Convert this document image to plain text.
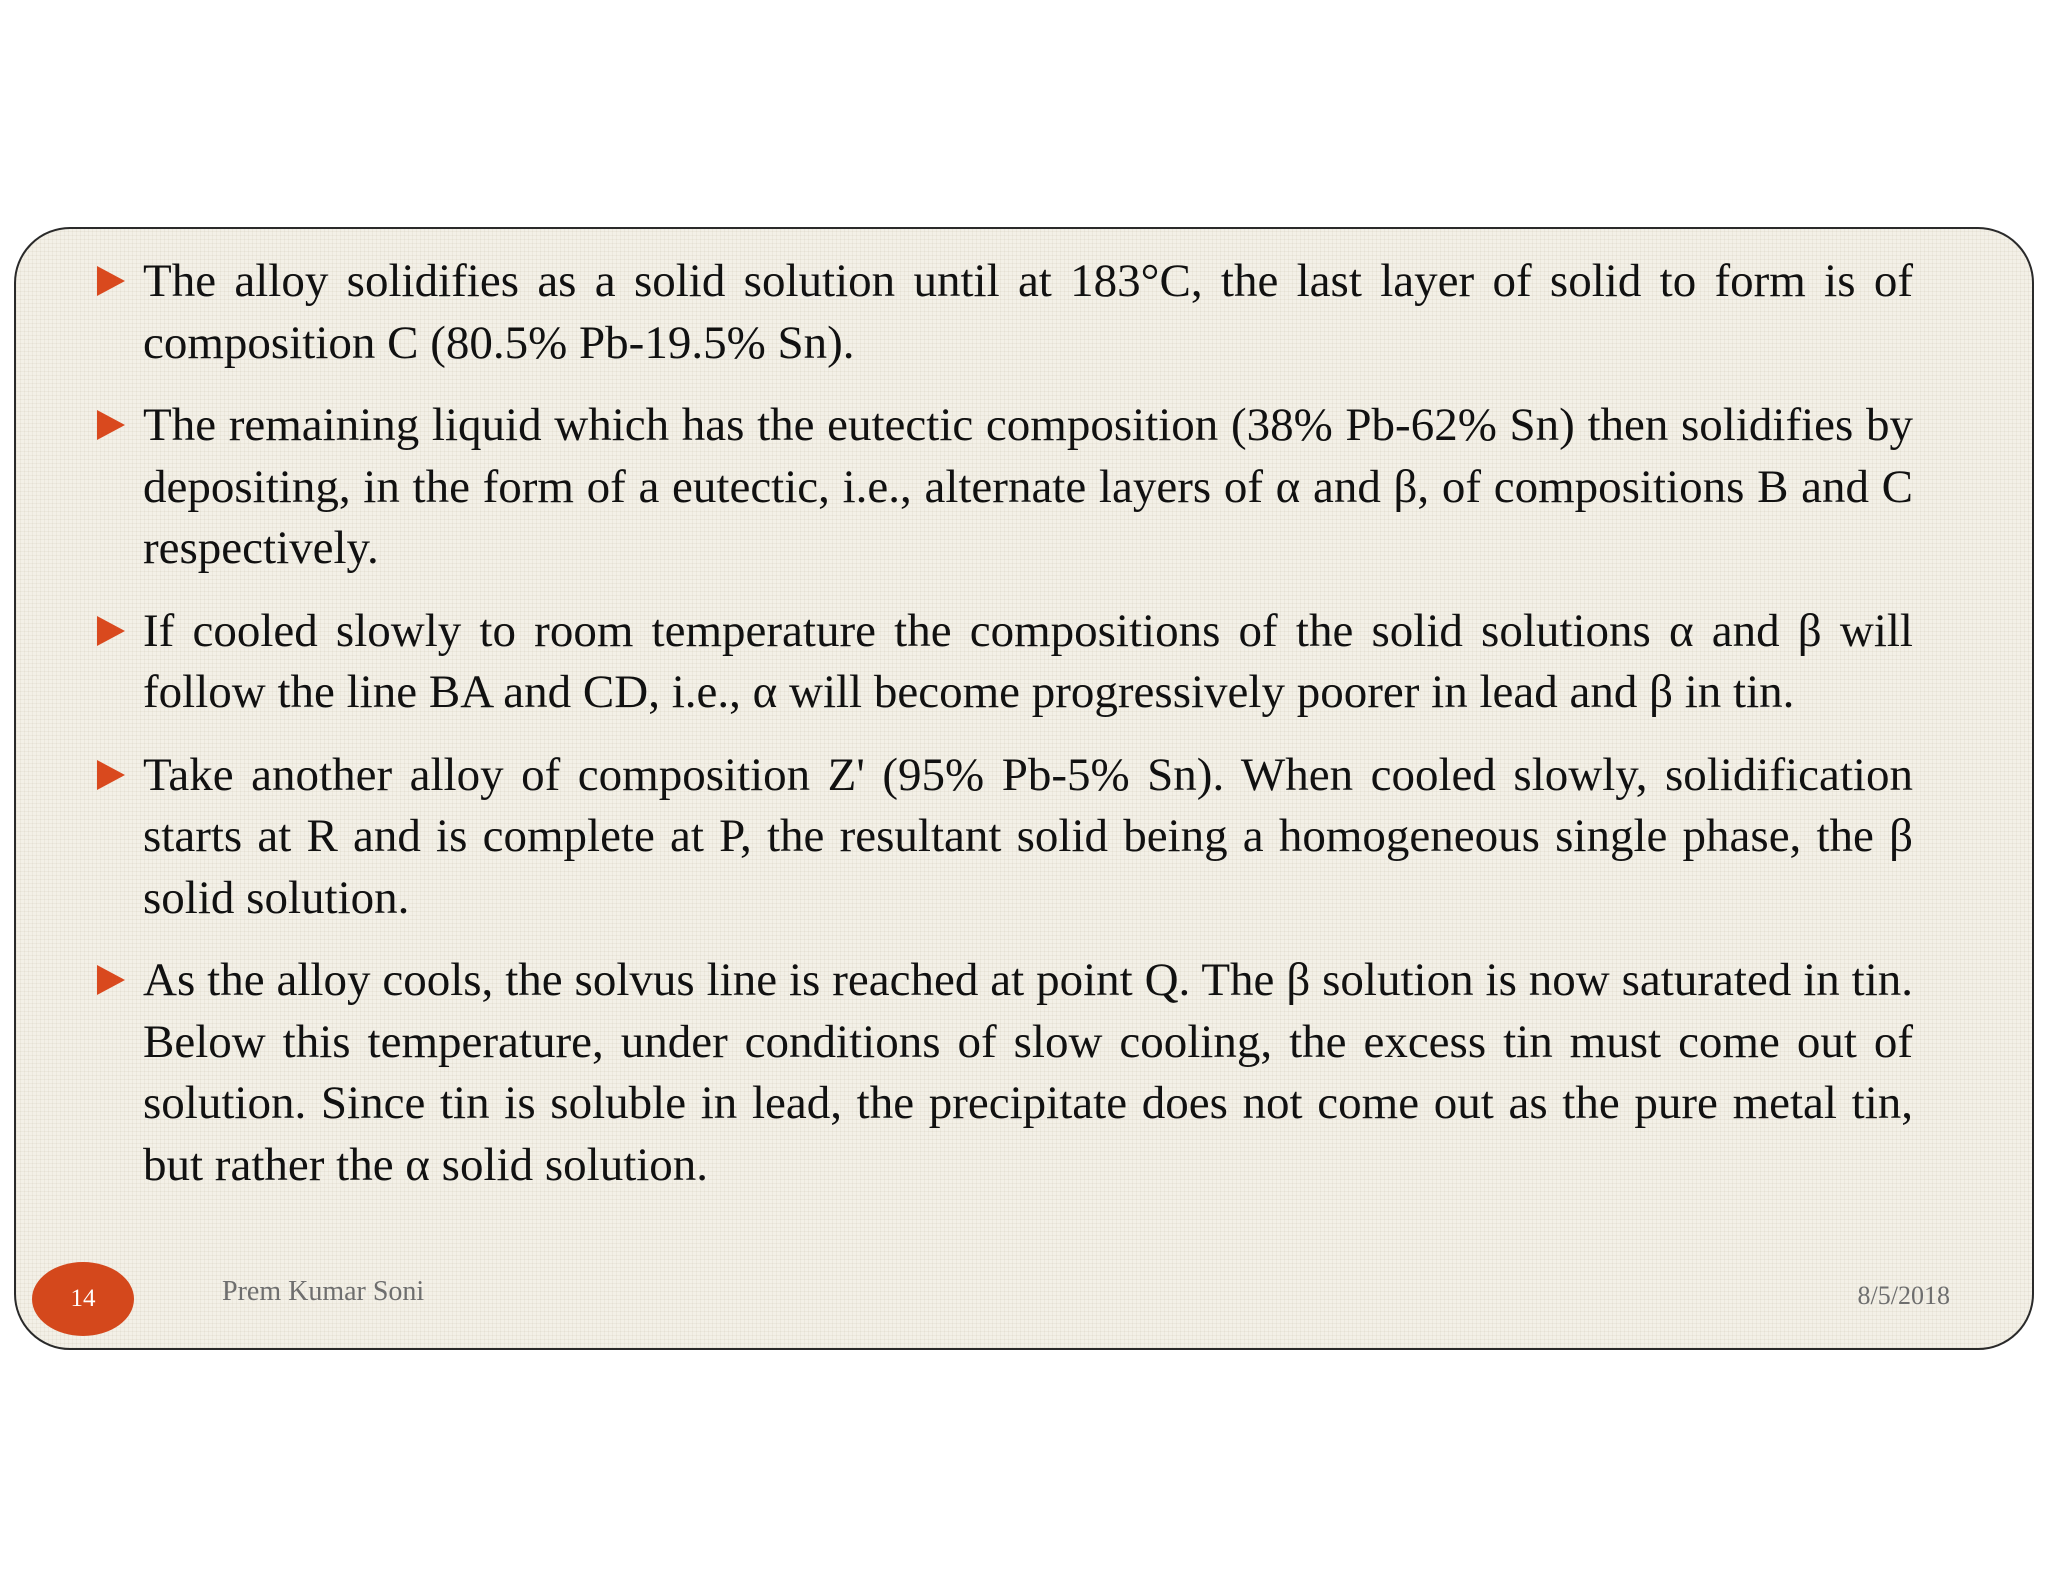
The alloy solidifies as a solid solution until at 183°C, the last layer of solid to form is of composition C (80.5% Pb-19.5% Sn).
The remaining liquid which has the eutectic composition (38% Pb-62% Sn) then solidifies by depositing, in the form of a eutectic, i.e., alternate layers of α and β, of compositions B and C respectively.
If cooled slowly to room temperature the compositions of the solid solutions α and β will follow the line BA and CD, i.e., α will become progressively poorer in lead and β in tin.
Take another alloy of composition Z' (95% Pb-5% Sn). When cooled slowly, solidification starts at R and is complete at P, the resultant solid being a homogeneous single phase, the β solid solution.
As the alloy cools, the solvus line is reached at point Q. The β solution is now saturated in tin. Below this temperature, under conditions of slow cooling, the excess tin must come out of solution. Since tin is soluble in lead, the precipitate does not come out as the pure metal tin, but rather the α solid solution.
14	Prem Kumar Soni	8/5/2018
